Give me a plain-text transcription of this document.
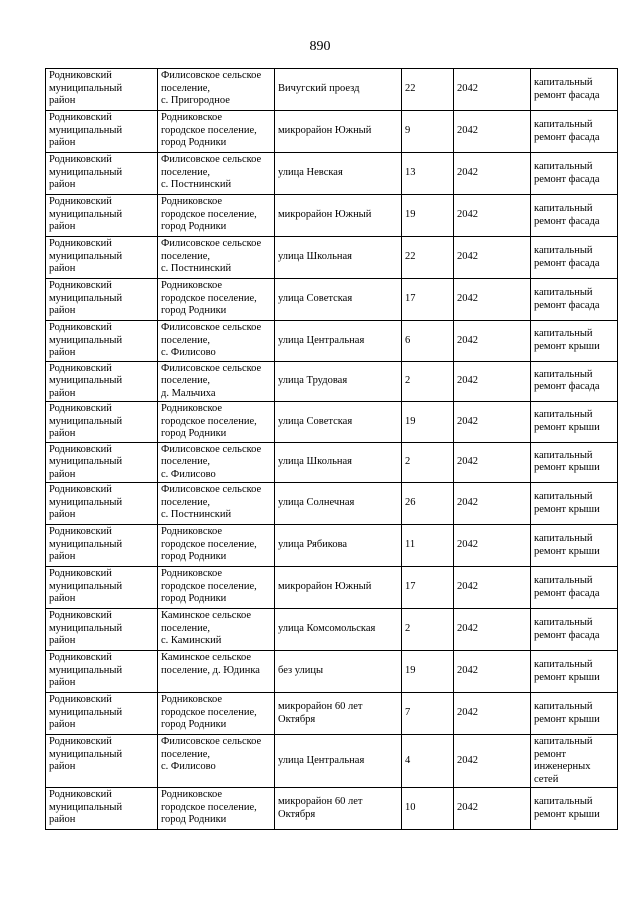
890
Родниковский
муниципальный
район	Филисовское сельское
поселение,
с. Пригородное	Вичугский проезд	22	2042	капитальный
ремонт фасада
Родниковский
муниципальный
район	Родниковское
городское поселение,
город Родники	микрорайон Южный	9	2042	капитальный
ремонт фасада
Родниковский
муниципальный
район	Филисовское сельское
поселение,
с. Постнинский	улица Невская	13	2042	капитальный
ремонт фасада
Родниковский
муниципальный
район	Родниковское
городское поселение,
город Родники	микрорайон Южный	19	2042	капитальный
ремонт фасада
Родниковский
муниципальный
район	Филисовское сельское
поселение,
с. Постнинский	улица Школьная	22	2042	капитальный
ремонт фасада
Родниковский
муниципальный
район	Родниковское
городское поселение,
город Родники	улица Советская	17	2042	капитальный
ремонт фасада
Родниковский
муниципальный
район	Филисовское сельское
поселение,
с. Филисово	улица Центральная	6	2042	капитальный
ремонт крыши
Родниковский
муниципальный
район	Филисовское сельское
поселение,
д. Мальчиха	улица Трудовая	2	2042	капитальный
ремонт фасада
Родниковский
муниципальный
район	Родниковское
городское поселение,
город Родники	улица Советская	19	2042	капитальный
ремонт крыши
Родниковский
муниципальный
район	Филисовское сельское
поселение,
с. Филисово	улица Школьная	2	2042	капитальный
ремонт крыши
Родниковский
муниципальный
район	Филисовское сельское
поселение,
с. Постнинский	улица Солнечная	26	2042	капитальный
ремонт крыши
Родниковский
муниципальный
район	Родниковское
городское поселение,
город Родники	улица Рябикова	11	2042	капитальный
ремонт крыши
Родниковский
муниципальный
район	Родниковское
городское поселение,
город Родники	микрорайон Южный	17	2042	капитальный
ремонт фасада
Родниковский
муниципальный
район	Каминское сельское
поселение,
с. Каминский	улица Комсомольская	2	2042	капитальный
ремонт фасада
Родниковский
муниципальный
район	Каминское сельское
поселение, д. Юдинка	без улицы	19	2042	капитальный
ремонт крыши
Родниковский
муниципальный
район	Родниковское
городское поселение,
город Родники	микрорайон 60 лет
Октября	7	2042	капитальный
ремонт крыши
Родниковский
муниципальный
район	Филисовское сельское
поселение,
с. Филисово	улица Центральная	4	2042	капитальный
ремонт
инженерных
сетей
Родниковский
муниципальный
район	Родниковское
городское поселение,
город Родники	микрорайон 60 лет
Октября	10	2042	капитальный
ремонт крыши
